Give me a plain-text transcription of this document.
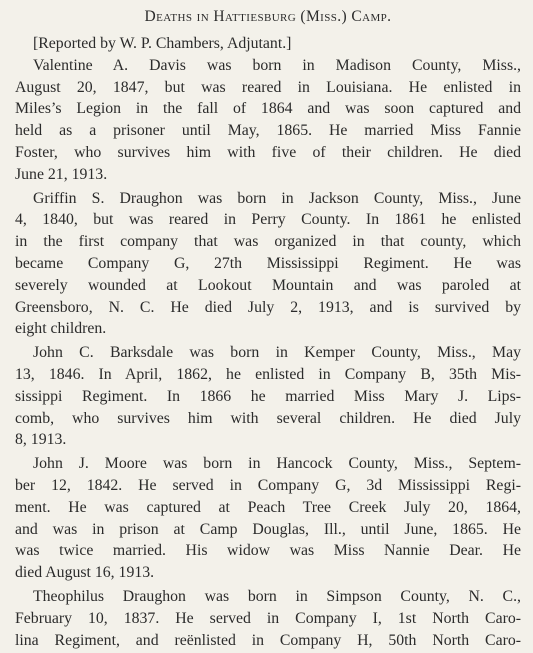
Deaths in Hattiesburg (Miss.) Camp.
[Reported by W. P. Chambers, Adjutant.]
Valentine A. Davis was born in Madison County, Miss.,
August 20, 1847, but was reared in Louisiana. He enlisted in
Miles’s Legion in the fall of 1864 and was soon captured and
held as a prisoner until May, 1865. He married Miss Fannie
Foster, who survives him with five of their children. He died
June 21, 1913.
Griffin S. Draughon was born in Jackson County, Miss., June
4, 1840, but was reared in Perry County. In 1861 he enlisted
in the first company that was organized in that county, which
became Company G, 27th Mississippi Regiment. He was
severely wounded at Lookout Mountain and was paroled at
Greensboro, N. C. He died July 2, 1913, and is survived by
eight children.
John C. Barksdale was born in Kemper County, Miss., May
13, 1846. In April, 1862, he enlisted in Company B, 35th Mis-
sissippi Regiment. In 1866 he married Miss Mary J. Lips-
comb, who survives him with several children. He died July
8, 1913.
John J. Moore was born in Hancock County, Miss., Septem-
ber 12, 1842. He served in Company G, 3d Mississippi Regi-
ment. He was captured at Peach Tree Creek July 20, 1864,
and was in prison at Camp Douglas, Ill., until June, 1865. He
was twice married. His widow was Miss Nannie Dear. He
died August 16, 1913.
Theophilus Draughon was born in Simpson County, N. C.,
February 10, 1837. He served in Company I, 1st North Caro-
lina Regiment, and reënlisted in Company H, 50th North Caro-
